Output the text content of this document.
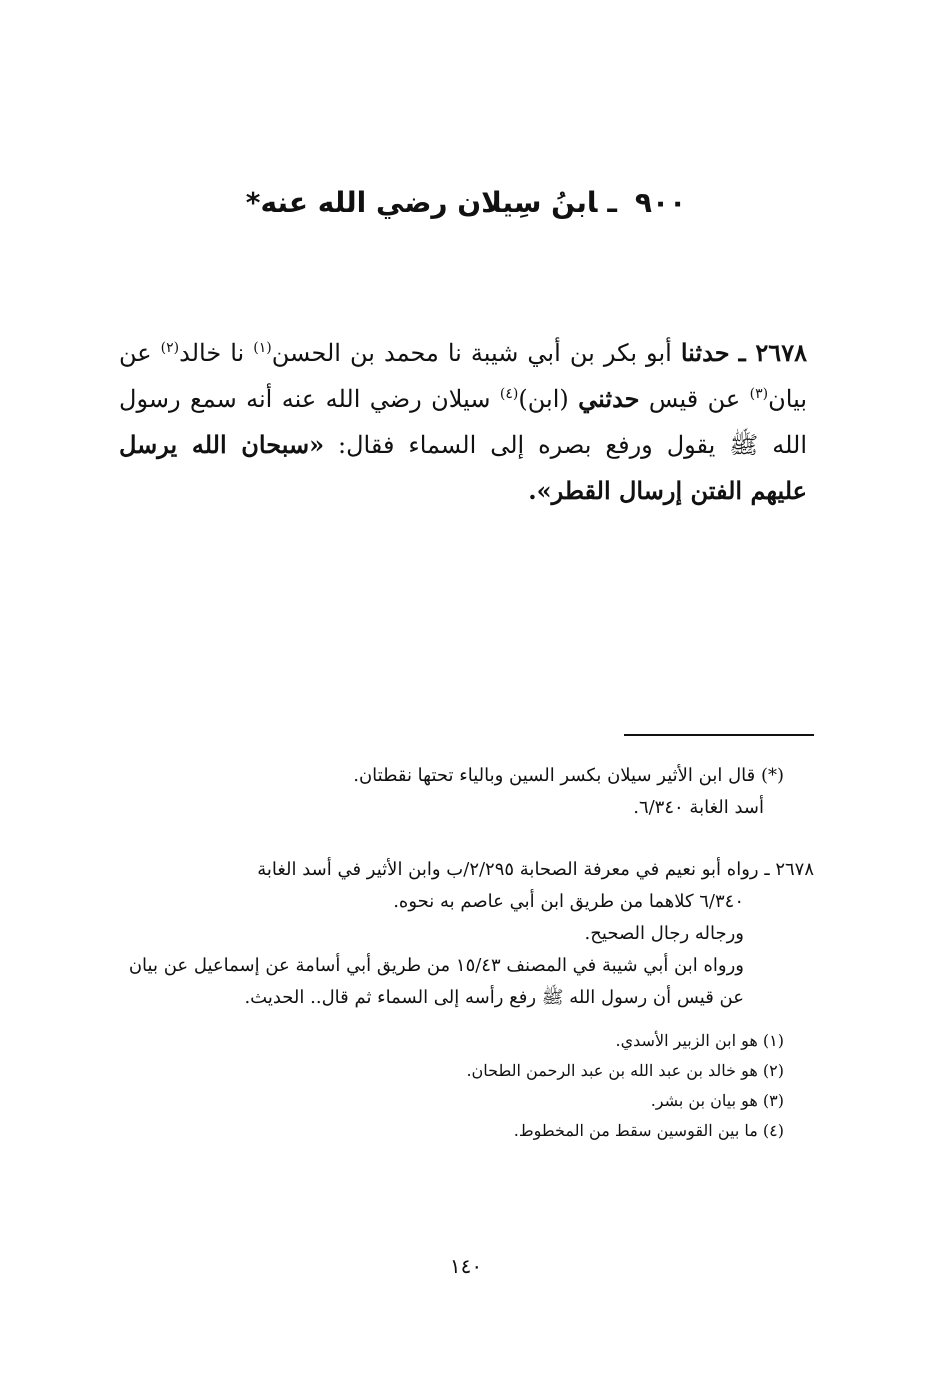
٩٠٠ـابنُ سِيلان رضي الله عنه*

٢٦٧٨ ـ حدثنا أبو بكر بن أبي شيبة نا محمد بن الحسن$^{(١)}$ نا خالد$^{(٢)}$ عن بيان$^{(٣)}$ عن قيس حدثني (ابن)$^{(٤)}$ سيلان رضي الله عنه أنه سمع رسول الله ﷺ يقول ورفع بصره إلى السماء فقال: «سبحان الله يرسل عليهم الفتن إرسال القطر».

(*) قال ابن الأثير سيلان بكسر السين وبالياء تحتها نقطتان.

أسد الغابة ٦/٣٤٠.

٢٦٧٨ ـ رواه أبو نعيم في معرفة الصحابة ٢/٢٩٥/ب وابن الأثير في أسد الغابة

٦/٣٤٠ كلاهما من طريق ابن أبي عاصم به نحوه.

ورجاله رجال الصحيح.

ورواه ابن أبي شيبة في المصنف ١٥/٤٣ من طريق أبي أسامة عن إسماعيل عن بيان عن قيس أن رسول الله ﷺ رفع رأسه إلى السماء ثم قال.. الحديث.

(١) هو ابن الزبير الأسدي.

(٢) هو خالد بن عبد الله بن عبد الرحمن الطحان.

(٣) هو بيان بن بشر.

(٤) ما بين القوسين سقط من المخطوط.

١٤٠
